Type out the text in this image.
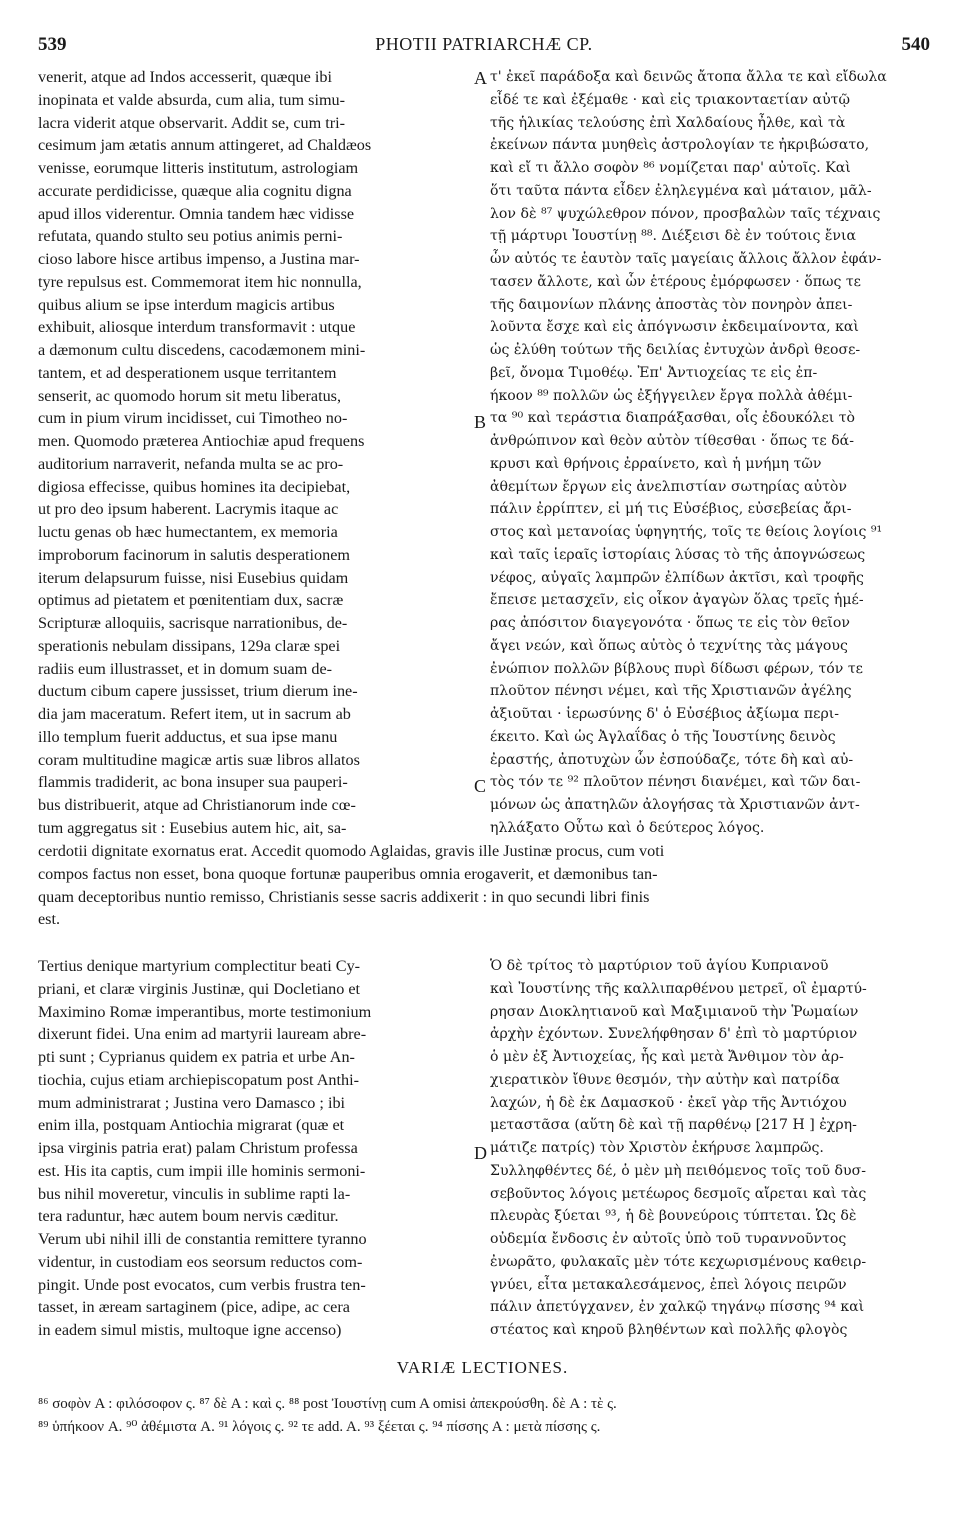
539	PHOTII PATRIARCHÆ CP.	540
venerit, atque ad Indos accesserit, quæque ibi
inopinata et valde absurda, cum alia, tum simu-
lacra viderit atque observarit. Addit se, cum tri-
cesimum jam ætatis annum attingeret, ad Chaldæos
venisse, eorumque litteris institutum, astrologiam
accurate perdidicisse, quæque alia cognitu digna
apud illos viderentur. Omnia tandem hæc vidisse
refutata, quando stulto seu potius animis perni-
cioso labore hisce artibus impenso, a Justina mar-
tyre repulsus est. Commemorat item hic nonnulla,
quibus alium se ipse interdum magicis artibus
exhibuit, aliosque interdum transformavit : utque
a dæmonum cultu discedens, cacodæmonem mini-
tantem, et ad desperationem usque territantem
senserit, ac quomodo horum sit metu liberatus,
cum in pium virum incidisset, cui Timotheo no-
men. Quomodo præterea Antiochiæ apud frequens
auditorium narraverit, nefanda multa se ac pro-
digiosa effecisse, quibus homines ita decipiebat,
ut pro deo ipsum haberent. Lacrymis itaque ac
luctu genas ob hæc humectantem, ex memoria
improborum facinorum in salutis desperationem
iterum delapsurum fuisse, nisi Eusebius quidam
optimus ad pietatem et pœnitentiam dux, sacræ
Scripturæ alloquiis, sacrisque narrationibus, de-
sperationis nebulam dissipans, 129a claræ spei
radiis eum illustrasset, et in domum suam de-
ductum cibum capere jussisset, trium dierum ine-
dia jam maceratum. Refert item, ut in sacrum ab
illo templum fuerit adductus, et sua ipse manu
coram multitudine magicæ artis suæ libros allatos
flammis tradiderit, ac bona insuper sua pauperi-
bus distribuerit, atque ad Christianorum inde cœ-
tum aggregatus sit : Eusebius autem hic, ait, sa-
τ' ἐκεῖ παράδοξα καὶ δεινῶς ἄτοπα ἄλλα τε καὶ εἴδωλα
εἶδέ τε καὶ ἐξέμαθε · καὶ εἰς τριακονταετίαν αὐτῷ
τῆς ἡλικίας τελούσης ἐπὶ Χαλδαίους ἦλθε, καὶ τὰ
ἐκείνων πάντα μυηθεὶς ἀστρολογίαν τε ἠκριβώσατο,
καὶ εἴ τι ἄλλο σοφὸν ⁸⁶ νομίζεται παρ' αὐτοῖς. Καὶ
ὅτι ταῦτα πάντα εἶδεν ἐληλεγμένα καὶ μάταιον, μᾶλ-
λον δὲ ⁸⁷ ψυχώλεθρον πόνον, προσβαλὼν ταῖς τέχναις
τῇ μάρτυρι Ἰουστίνῃ ⁸⁸. Διέξεισι δὲ ἐν τούτοις ἔνια
ὧν αὐτός τε ἑαυτὸν ταῖς μαγείαις ἄλλοις ἄλλον ἐφάν-
τασεν ἄλλοτε, καὶ ὧν ἑτέρους ἐμόρφωσεν · ὅπως τε
τῆς δαιμονίων πλάνης ἀποστὰς τὸν πονηρὸν ἀπει-
λοῦντα ἔσχε καὶ εἰς ἀπόγνωσιν ἐκδειμαίνοντα, καὶ
ὡς ἐλύθη τούτων τῆς δειλίας ἐντυχὼν ἀνδρὶ θεοσε-
βεῖ, ὄνομα Τιμοθέῳ. Ἐπ' Ἀντιοχείας τε εἰς ἐπ-
ήκοον ⁸⁹ πολλῶν ὡς ἐξήγγειλεν ἔργα πολλὰ ἀθέμι-
τα ⁹⁰ καὶ τεράστια διαπράξασθαι, οἷς ἐδουκόλει τὸ
ἀνθρώπινον καὶ θεὸν αὐτὸν τίθεσθαι · ὅπως τε δά-
κρυσι καὶ θρήνοις ἐρραίνετο, καὶ ἡ μνήμη τῶν
ἀθεμίτων ἔργων εἰς ἀνελπιστίαν σωτηρίας αὐτὸν
πάλιν ἐρρίπτεν, εἰ μή τις Εὐσέβιος, εὐσεβείας ἄρι-
στος καὶ μετανοίας ὑφηγητής, τοῖς τε θείοις λογίοις ⁹¹
καὶ ταῖς ἱεραῖς ἱστορίαις λύσας τὸ τῆς ἀπογνώσεως
νέφος, αὐγαῖς λαμπρῶν ἐλπίδων ἀκτῖσι, καὶ τροφῆς
ἔπεισε μετασχεῖν, εἰς οἶκον ἀγαγὼν ὅλας τρεῖς ἡμέ-
ρας ἀπόσιτον διαγεγονότα · ὅπως τε εἰς τὸν θεῖον
ἄγει νεών, καὶ ὅπως αὐτὸς ὁ τεχνίτης τὰς μάγους
ἐνώπιον πολλῶν βίβλους πυρὶ δίδωσι φέρων, τόν τε
πλοῦτον πένησι νέμει, καὶ τῆς Χριστιανῶν ἀγέλης
ἀξιοῦται · ἱερωσύνης δ' ὁ Εὐσέβιος ἀξίωμα περι-
έκειτο. Καὶ ὡς Ἀγλαΐδας ὁ τῆς Ἰουστίνης δεινὸς
ἐραστής, ἀποτυχὼν ὧν ἐσπούδαζε, τότε δὴ καὶ αὐ-
τὸς τόν τε ⁹² πλοῦτον πένησι διανέμει, καὶ τῶν δαι-
μόνων ὡς ἀπατηλῶν ἀλογήσας τὰ Χριστιανῶν ἀντ-
ηλλάξατο Οὗτω καὶ ὁ δεύτερος λόγος.
A
B
C
D
cerdotii dignitate exornatus erat. Accedit quomodo Aglaidas, gravis ille Justinæ procus, cum voti
compos factus non esset, bona quoque fortunæ pauperibus omnia erogaverit, et dæmonibus tan-
quam deceptoribus nuntio remisso, Christianis sesse sacris addixerit : in quo secundi libri finis
est.
Tertius denique martyrium complectitur beati Cy-
priani, et claræ virginis Justinæ, qui Docletiano et
Maximino Romæ imperantibus, morte testimonium
dixerunt fidei. Una enim ad martyrii lauream abre-
pti sunt ; Cyprianus quidem ex patria et urbe An-
tiochia, cujus etiam archiepiscopatum post Anthi-
mum administrarat ; Justina vero Damasco ; ibi
enim illa, postquam Antiochia migrarat (quæ et
ipsa virginis patria erat) palam Christum professa
est. His ita captis, cum impii ille hominis sermoni-
bus nihil moveretur, vinculis in sublime rapti la-
tera raduntur, hæc autem boum nervis cæditur.
Verum ubi nihil illi de constantia remittere tyranno
videntur, in custodiam eos seorsum reductos com-
pingit. Unde post evocatos, cum verbis frustra ten-
tasset, in æream sartaginem (pice, adipe, ac cera
in eadem simul mistis, multoque igne accenso)
Ὁ δὲ τρίτος τὸ μαρτύριον τοῦ ἁγίου Κυπριανοῦ
καὶ Ἰουστίνης τῆς καλλιπαρθένου μετρεῖ, οἳ ἐμαρτύ-
ρησαν Διοκλητιανοῦ καὶ Μαξιμιανοῦ τὴν Ῥωμαίων
ἀρχὴν ἐχόντων. Συνελήφθησαν δ' ἐπὶ τὸ μαρτύριον
ὁ μὲν ἐξ Ἀντιοχείας, ἧς καὶ μετὰ Ἄνθιμον τὸν ἀρ-
χιερατικὸν ἴθυνε θεσμόν, τὴν αὐτὴν καὶ πατρίδα
λαχών, ἡ δὲ ἐκ Δαμασκοῦ · ἐκεῖ γὰρ τῆς Ἀντιόχου
μεταστᾶσα (αὕτη δὲ καὶ τῇ παρθένῳ [217 H ] ἐχρη-
μάτιζε πατρίς) τὸν Χριστὸν ἐκήρυσε λαμπρῶς.
Συλληφθέντες δέ, ὁ μὲν μὴ πειθόμενος τοῖς τοῦ δυσ-
σεβοῦντος λόγοις μετέωρος δεσμοῖς αἴρεται καὶ τὰς
πλευρὰς ξύεται ⁹³, ἡ δὲ βουνεύροις τύπτεται. Ὡς δὲ
οὐδεμία ἔνδοσις ἐν αὐτοῖς ὑπὸ τοῦ τυραννοῦντος
ἐνωρᾶτο, φυλακαῖς μὲν τότε κεχωρισμένους καθειρ-
γνύει, εἶτα μετακαλεσάμενος, ἐπεὶ λόγοις πειρῶν
πάλιν ἀπετύγχανεν, ἐν χαλκῷ τηγάνῳ πίσσης ⁹⁴ καὶ
στέατος καὶ κηροῦ βληθέντων καὶ πολλῆς φλογὸς
VARIÆ LECTIONES.
⁸⁶ σοφὸν A : φιλόσοφον ς. ⁸⁷ δὲ A : καὶ ς. ⁸⁸ post Ἰουστίνῃ cum A omisi ἀπεκρούσθη. δὲ A : τὲ ς.
⁸⁹ ὑπήκοον A. ⁹⁰ ἀθέμιστα A. ⁹¹ λόγοις ς. ⁹² τε add. A. ⁹³ ξέεται ς. ⁹⁴ πίσσης A : μετὰ πίσσης ς.
